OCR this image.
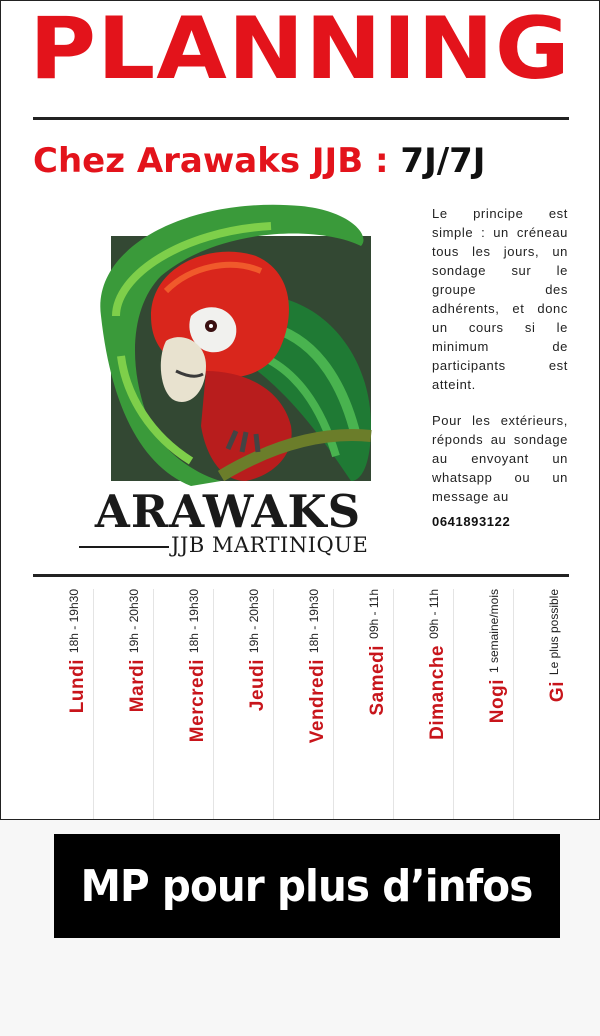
PLANNING
Chez Arawaks JJB : 7J/7J
ARAWAKS
JJB MARTINIQUE

Le principe est simple : un créneau tous les jours, un sondage sur le groupe des adhérents, et donc un cours si le minimum de participants est atteint.

Pour les extérieurs, réponds au sondage au envoyant un whatsapp ou un message au

0641893122

18h - 19h30
Lundi
19h - 20h30
Mardi
18h - 19h30
Mercredi
19h - 20h30
Jeudi
18h - 19h30
Vendredi
09h - 11h
Samedi
09h - 11h
Dimanche
1 semaine/mois
Nogi
Le plus possible
Gi
MP pour plus d’infos
